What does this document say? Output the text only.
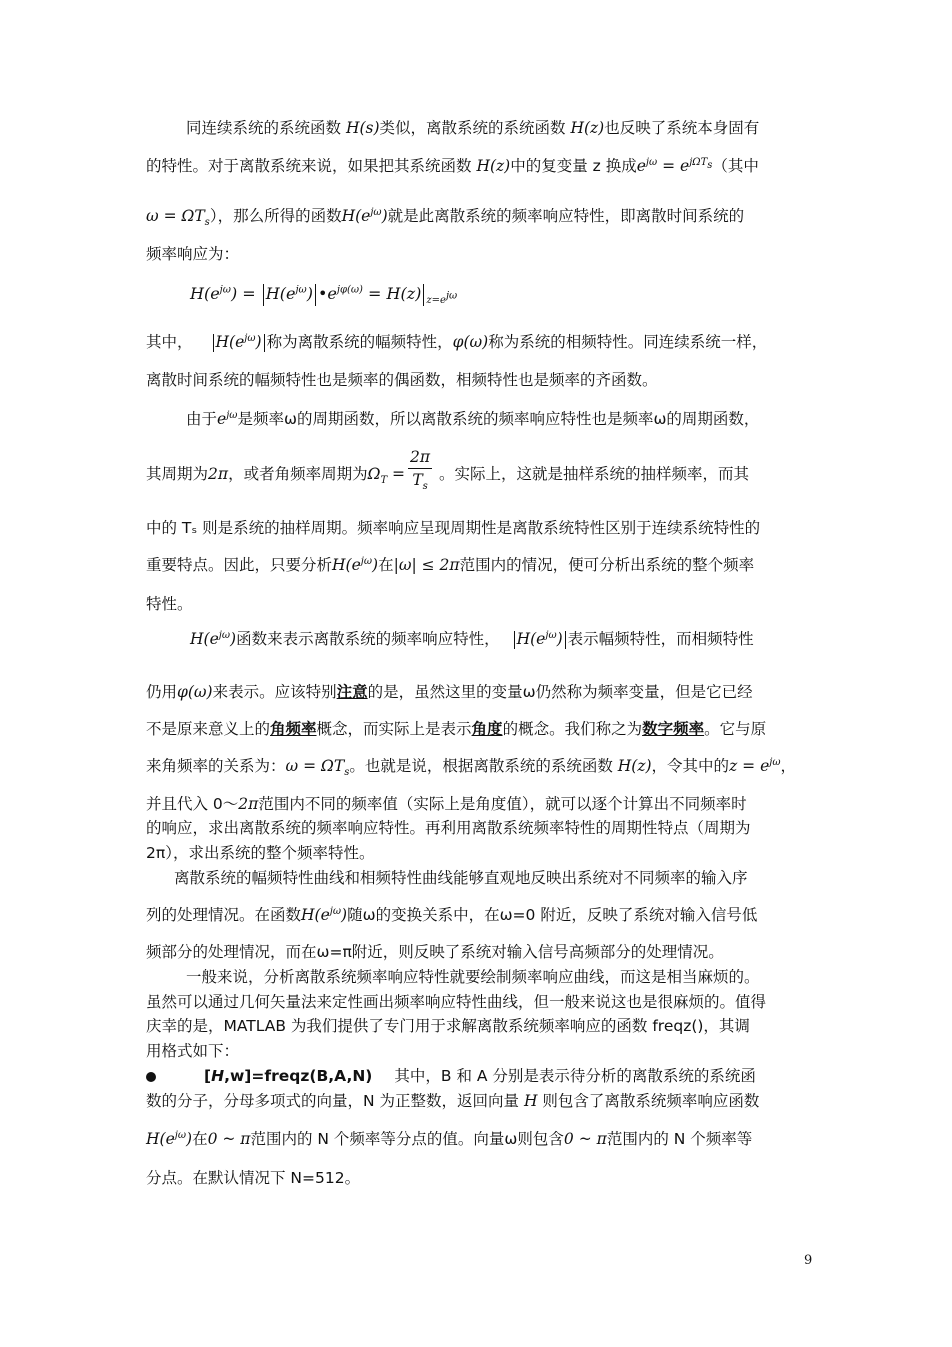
同连续系统的系统函数 H(s)类似，离散系统的系统函数 H(z)也反映了系统本身固有
的特性。对于离散系统来说，如果把其系统函数 H(z)中的复变量 z 换成$e^{j\omega} = e^{j\Omega T_s}$（其中
$\omega = \Omega T_s$），那么所得的函数$H(e^{j\omega})$就是此离散系统的频率响应特性，即离散时间系统的
频率响应为：
$H(e^{j\omega}) = H(e^{j\omega})$ $•e^{j\varphi(\omega)} = H(z)$ $_{z=e^{j\omega}}$
其中， $H(e^{j\omega})$ 称为离散系统的幅频特性，φ(ω)称为系统的相频特性。同连续系统一样，
离散时间系统的幅频特性也是频率的偶函数，相频特性也是频率的齐函数。
由于$e^{j\omega}$是频率ω的周期函数，所以离散系统的频率响应特性也是频率ω的周期函数，
其周期为2π，或者角频率周期为$\Omega_T = \frac{2\pi}{T_s}$ 。实际上，这就是抽样系统的抽样频率，而其
中的 Tₛ 则是系统的抽样周期。频率响应呈现周期性是离散系统特性区别于连续系统特性的
重要特点。因此，只要分析$H(e^{j\omega})$在|ω| ≤ 2π范围内的情况，便可分析出系统的整个频率
特性。
$H(e^{j\omega})$函数来表示离散系统的频率响应特性， $H(e^{j\omega})$ 表示幅频特性，而相频特性
仍用φ(ω)来表示。应该特别注意的是，虽然这里的变量ω仍然称为频率变量，但是它已经
不是原来意义上的角频率概念，而实际上是表示角度的概念。我们称之为数字频率。它与原
来角频率的关系为：$\omega = \Omega T_s$。也就是说，根据离散系统的系统函数 H(z)，令其中的$z = e^{j\omega}$，
并且代入 0～2π范围内不同的频率值（实际上是角度值），就可以逐个计算出不同频率时
的响应，求出离散系统的频率响应特性。再利用离散系统频率特性的周期性特点（周期为
2π），求出系统的整个频率特性。
离散系统的幅频特性曲线和相频特性曲线能够直观地反映出系统对不同频率的输入序
列的处理情况。在函数$H(e^{j\omega})$随ω的变换关系中，在ω=0 附近，反映了系统对输入信号低
频部分的处理情况，而在ω=π附近，则反映了系统对输入信号高频部分的处理情况。
一般来说，分析离散系统频率响应特性就要绘制频率响应曲线，而这是相当麻烦的。
虽然可以通过几何矢量法来定性画出频率响应特性曲线，但一般来说这也是很麻烦的。值得
庆幸的是，MATLAB 为我们提供了专门用于求解离散系统频率响应的函数 freqz()，其调
用格式如下：
[H,w]=freqz(B,A,N) 其中，B 和 A 分别是表示待分析的离散系统的系统函
数的分子，分母多项式的向量，N 为正整数，返回向量 H 则包含了离散系统频率响应函数
$H(e^{j\omega})$在0 ~ π范围内的 N 个频率等分点的值。向量ω则包含0 ~ π范围内的 N 个频率等
分点。在默认情况下 N=512。
9
